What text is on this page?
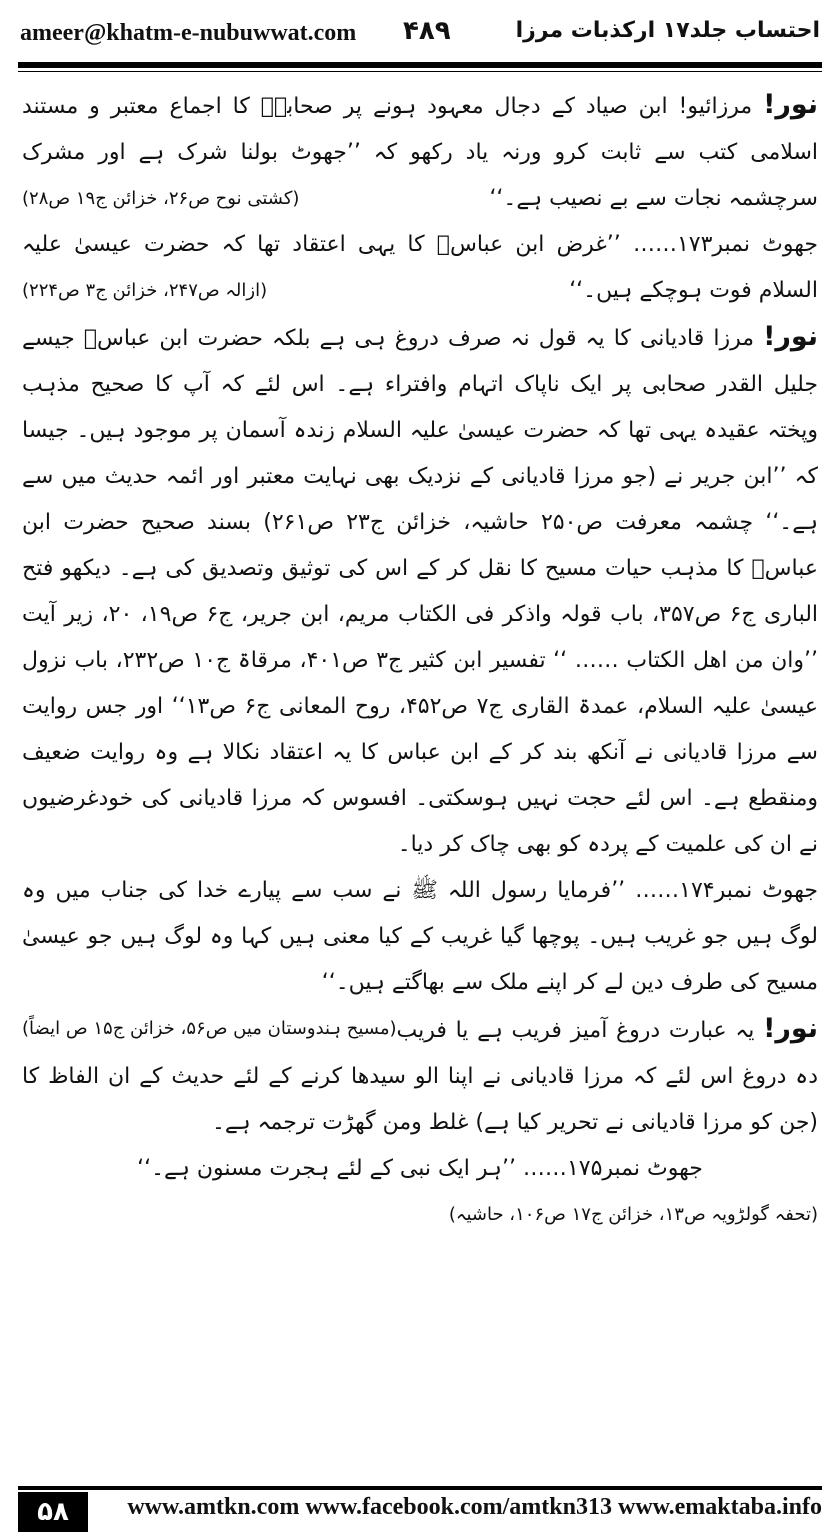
ameer@khatm-e-nubuwwat.com ۴۸۹	احتساب جلد۱۷ ارکذبات مرزا

نور! مرزائیو! ابن صیاد کے دجال معہود ہونے پر صحابہؓ کا اجماع معتبر و مستند اسلامی کتب سے ثابت کرو ورنہ یاد رکھو کہ ’’جھوٹ بولنا شرک ہے اور مشرک سرچشمہ نجات سے بے نصیب ہے۔‘‘
(کشتی نوح ص۲۶، خزائن ج۱۹ ص۲۸)

جھوٹ نمبر۱۷۳…… ’’غرض ابن عباسؓ کا یہی اعتقاد تھا کہ حضرت عیسیٰ علیہ السلام فوت ہوچکے ہیں۔‘‘
(ازالہ ص۲۴۷، خزائن ج۳ ص۲۲۴)

نور! مرزا قادیانی کا یہ قول نہ صرف دروغ ہی ہے بلکہ حضرت ابن عباسؓ جیسے جلیل القدر صحابی پر ایک ناپاک اتہام وافتراء ہے۔ اس لئے کہ آپ کا صحیح مذہب وپختہ عقیدہ یہی تھا کہ حضرت عیسیٰ علیہ السلام زندہ آسمان پر موجود ہیں۔ جیسا کہ ’’ابن جریر نے (جو مرزا قادیانی کے نزدیک بھی نہایت معتبر اور ائمہ حدیث میں سے ہے۔‘‘ چشمہ معرفت ص۲۵۰ حاشیہ، خزائن ج۲۳ ص۲۶۱) بسند صحیح حضرت ابن عباسؓ کا مذہب حیات مسیح کا نقل کر کے اس کی توثیق وتصدیق کی ہے۔ دیکھو فتح الباری ج۶ ص۳۵۷، باب قولہ واذکر فی الکتاب مریم، ابن جریر، ج۶ ص۱۹، ۲۰، زیر آیت ’’وان من اھل الکتاب …… ‘‘ تفسیر ابن کثیر ج۳ ص۴۰۱، مرقاۃ ج۱۰ ص۲۳۲، باب نزول عیسیٰ علیہ السلام، عمدۃ القاری ج۷ ص۴۵۲، روح المعانی ج۶ ص۱۳‘‘ اور جس روایت سے مرزا قادیانی نے آنکھ بند کر کے ابن عباس کا یہ اعتقاد نکالا ہے وہ روایت ضعیف ومنقطع ہے۔ اس لئے حجت نہیں ہوسکتی۔ افسوس کہ مرزا قادیانی کی خودغرضیوں نے ان کی علمیت کے پردہ کو بھی چاک کر دیا۔

جھوٹ نمبر۱۷۴…… ’’فرمایا رسول اللہ ﷺ نے سب سے پیارے خدا کی جناب میں وہ لوگ ہیں جو غریب ہیں۔ پوچھا گیا غریب کے کیا معنی ہیں کہا وہ لوگ ہیں جو عیسیٰ مسیح کی طرف دین لے کر اپنے ملک سے بھاگتے ہیں۔‘‘
(مسیح ہندوستان میں ص۵۶، خزائن ج۱۵ ص ایضاً)	نور! یہ عبارت دروغ آمیز فریب ہے یا فریب دہ دروغ اس لئے کہ مرزا قادیانی نے اپنا الو سیدھا کرنے کے لئے حدیث کے ان الفاظ کا (جن کو مرزا قادیانی نے تحریر کیا ہے) غلط ومن گھڑت ترجمہ ہے۔

جھوٹ نمبر۱۷۵…… ’’ہر ایک نبی کے لئے ہجرت مسنون ہے۔‘‘

(تحفہ گولڑویہ ص۱۳، خزائن ج۱۷ ص۱۰۶، حاشیہ)

۵۸	www.amtkn.com www.facebook.com/amtkn313 www.emaktaba.info
